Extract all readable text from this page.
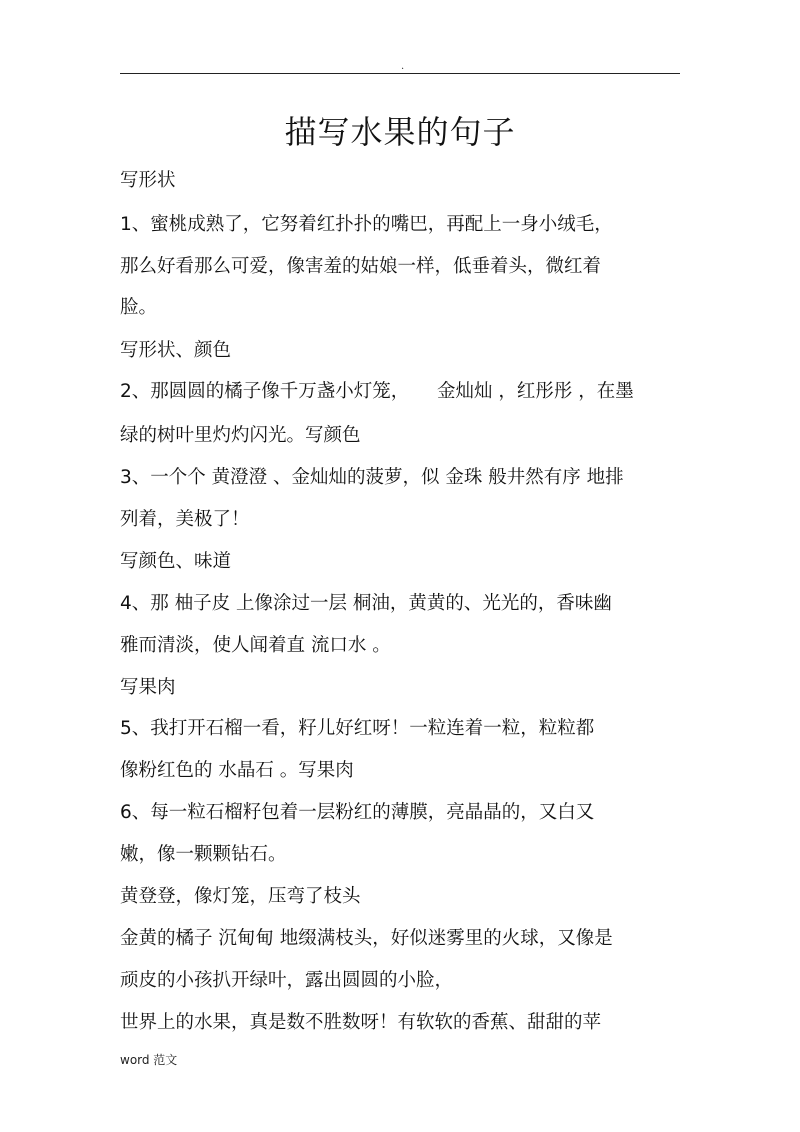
.
描写水果的句子
写形状
1、蜜桃成熟了，它努着红扑扑的嘴巴，再配上一身小绒毛，
那么好看那么可爱，像害羞的姑娘一样，低垂着头，微红着
脸。
写形状、颜色
2、那圆圆的橘子像千万盏小灯笼，　　金灿灿 ，红彤彤 ，在墨
绿的树叶里灼灼闪光。写颜色
3、一个个 黄澄澄 、金灿灿的菠萝，似 金珠 般井然有序 地排
列着，美极了！
写颜色、味道
4、那 柚子皮 上像涂过一层 桐油，黄黄的、光光的，香味幽
雅而清淡，使人闻着直 流口水 。
写果肉
5、我打开石榴一看，籽儿好红呀！一粒连着一粒，粒粒都
像粉红色的 水晶石 。写果肉
6、每一粒石榴籽包着一层粉红的薄膜，亮晶晶的，又白又
嫩，像一颗颗钻石。
黄登登，像灯笼，压弯了枝头
金黄的橘子 沉甸甸 地缀满枝头，好似迷雾里的火球，又像是
顽皮的小孩扒开绿叶，露出圆圆的小脸，
世界上的水果，真是数不胜数呀！有软软的香蕉、甜甜的苹
word 范文
